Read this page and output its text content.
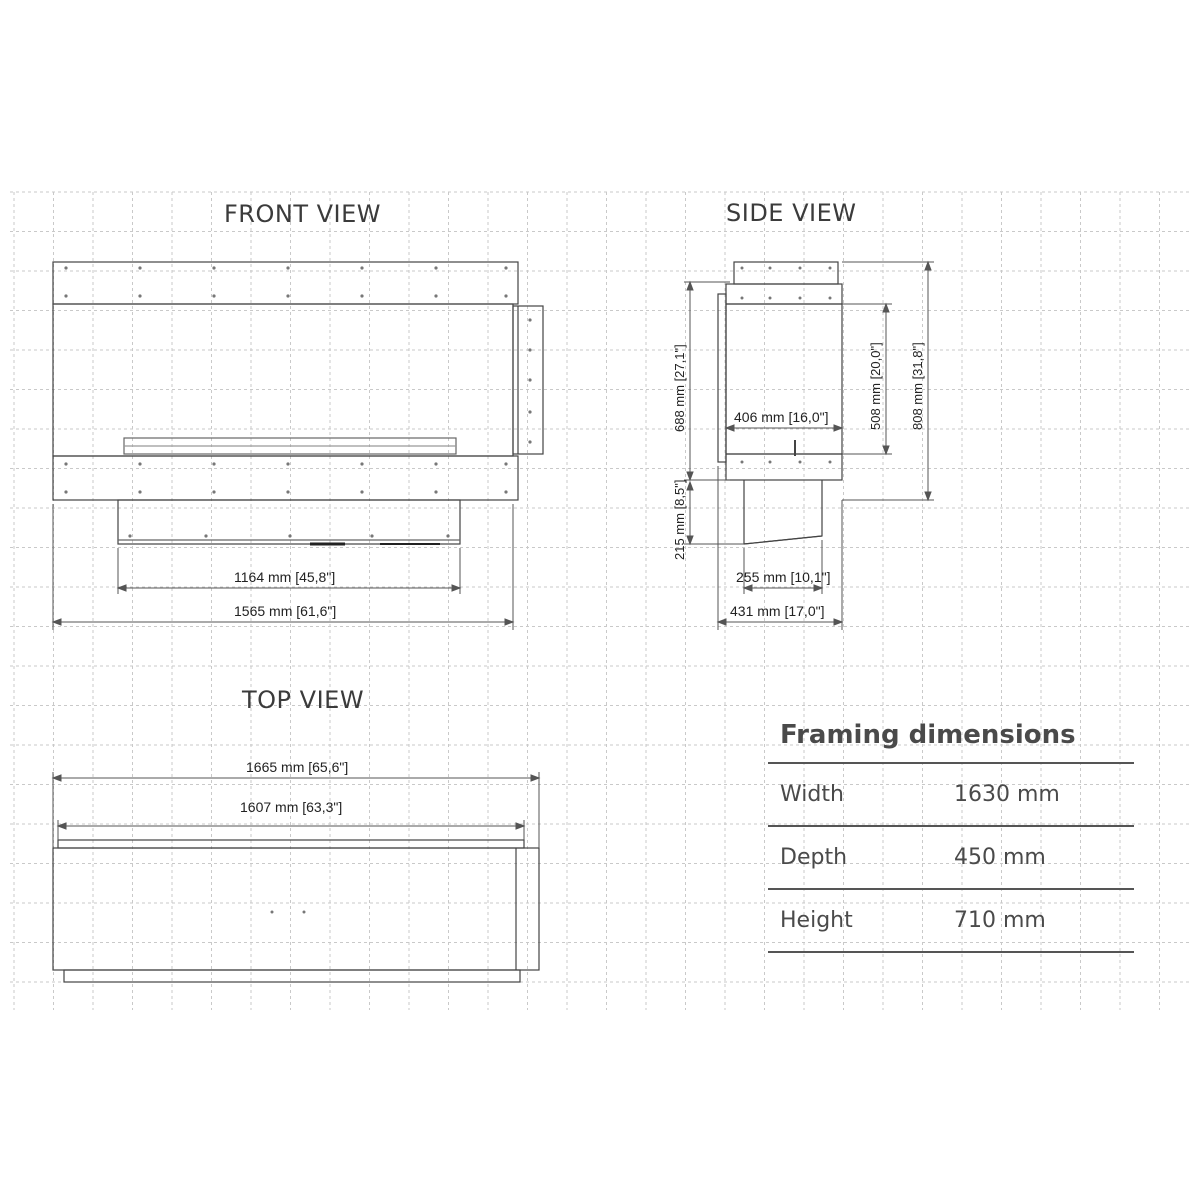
FRONT VIEW
1164 mm [45,8"]
1565 mm [61,6"]
SIDE VIEW
406 mm [16,0"]
255 mm [10,1"]
431 mm [17,0"]
688 mm [27,1"]
215 mm [8,5"]
508 mm [20,0"] 808 mm [31,8"]
TOP VIEW
1665 mm [65,6"]
1607 mm [63,3"]
Framing dimensions
Width	1630 mm
Depth	450 mm
Height	710 mm
